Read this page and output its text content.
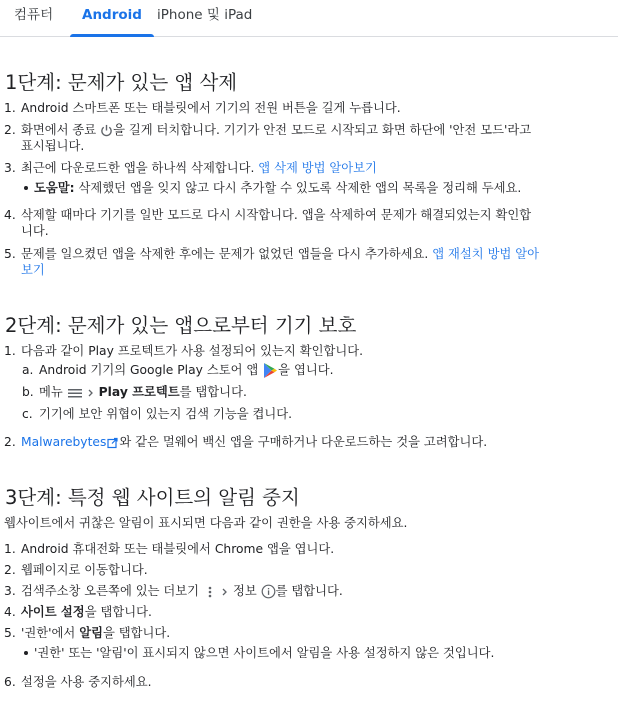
컴퓨터	Android	iPhone 및 iPad
1단계: 문제가 있는 앱 삭제
1. Android 스마트폰 또는 태블릿에서 기기의 전원 버튼을 길게 누릅니다.
2. 화면에서 종료 을 길게 터치합니다. 기기가 안전 모드로 시작되고 화면 하단에 '안전 모드'라고
표시됩니다.
3. 최근에 다운로드한 앱을 하나씩 삭제합니다. 앱 삭제 방법 알아보기
도움말: 삭제했던 앱을 잊지 않고 다시 추가할 수 있도록 삭제한 앱의 목록을 정리해 두세요.
4. 삭제할 때마다 기기를 일반 모드로 다시 시작합니다. 앱을 삭제하여 문제가 해결되었는지 확인합
니다.
5. 문제를 일으켰던 앱을 삭제한 후에는 문제가 없었던 앱들을 다시 추가하세요. 앱 재설치 방법 알아
보기
2단계: 문제가 있는 앱으로부터 기기 보호
1. 다음과 같이 Play 프로텍트가 사용 설정되어 있는지 확인합니다.
a. Android 기기의 Google Play 스토어 앱 을 엽니다.
b. 메뉴	Play 프로텍트를 탭합니다.
c. 기기에 보안 위협이 있는지 검색 기능을 켭니다.
2. Malwarebytes 와 같은 멀웨어 백신 앱을 구매하거나 다운로드하는 것을 고려합니다.
3단계: 특정 웹 사이트의 알림 중지
웹사이트에서 귀찮은 알림이 표시되면 다음과 같이 권한을 사용 중지하세요.
1. Android 휴대전화 또는 태블릿에서 Chrome 앱을 엽니다.
2. 웹페이지로 이동합니다.
3. 검색주소창 오른쪽에 있는 더보기 정보 를 탭합니다.
4. 사이트 설정을 탭합니다.
5. '권한'에서 알림을 탭합니다.
'권한' 또는 '알림'이 표시되지 않으면 사이트에서 알림을 사용 설정하지 않은 것입니다.
6. 설정을 사용 중지하세요.
